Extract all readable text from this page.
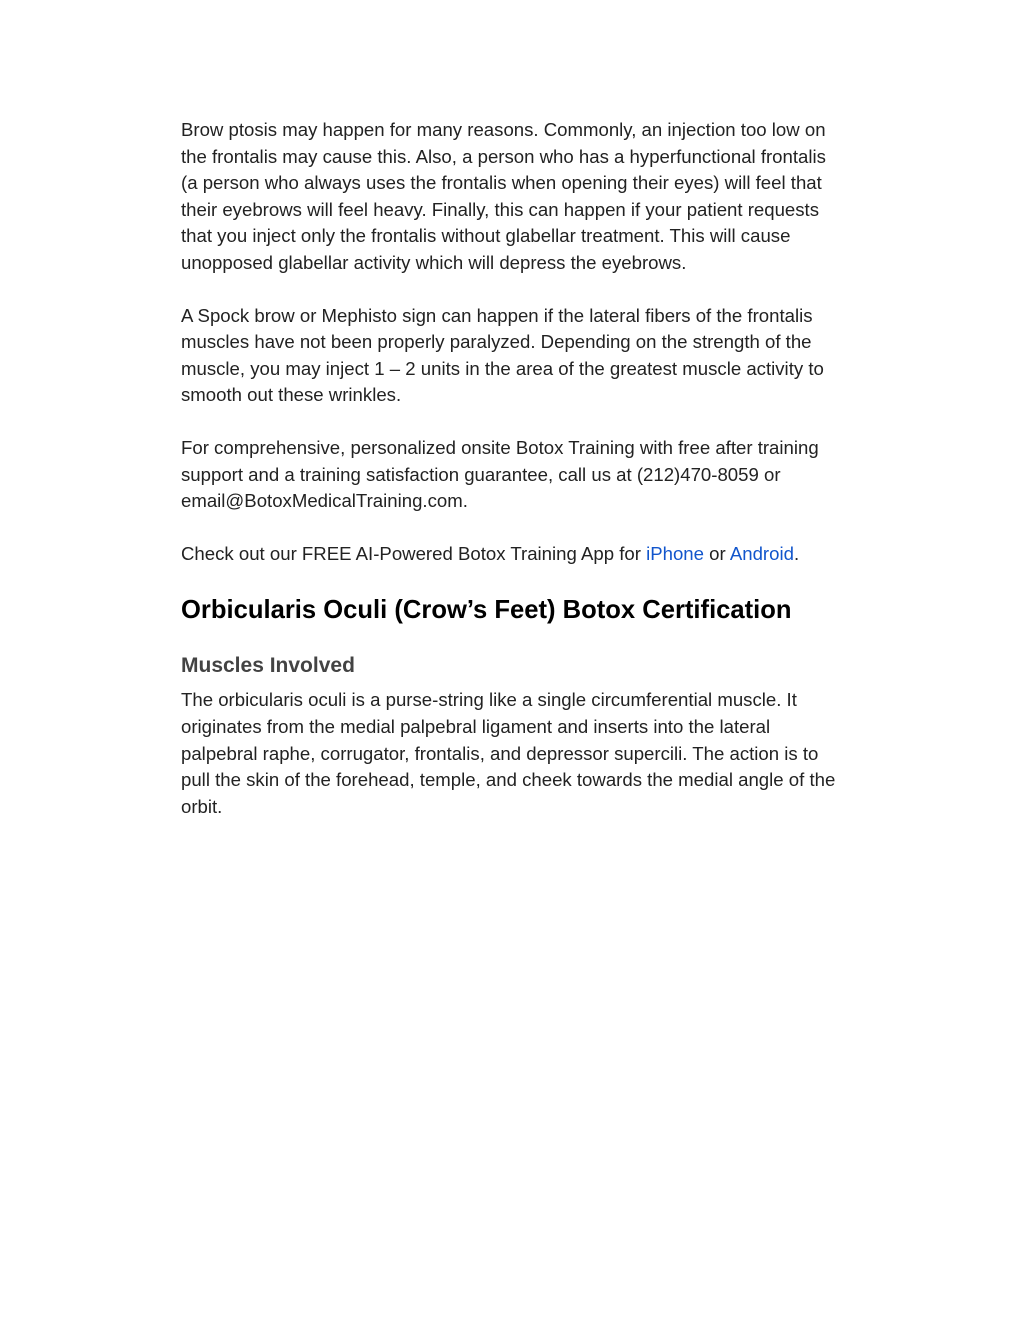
Brow ptosis may happen for many reasons. Commonly, an injection too low on
the frontalis may cause this. Also, a person who has a hyperfunctional frontalis
(a person who always uses the frontalis when opening their eyes) will feel that
their eyebrows will feel heavy. Finally, this can happen if your patient requests
that you inject only the frontalis without glabellar treatment. This will cause
unopposed glabellar activity which will depress the eyebrows.

A Spock brow or Mephisto sign can happen if the lateral fibers of the frontalis
muscles have not been properly paralyzed. Depending on the strength of the
muscle, you may inject 1 – 2 units in the area of the greatest muscle activity to
smooth out these wrinkles.

For comprehensive, personalized onsite Botox Training with free after training
support and a training satisfaction guarantee, call us at (212)470-8059 or
email@BotoxMedicalTraining.com.

Check out our FREE AI-Powered Botox Training App for iPhone or Android.

Orbicularis Oculi (Crow’s Feet) Botox Certification
Muscles Involved

The orbicularis oculi is a purse-string like a single circumferential muscle. It
originates from the medial palpebral ligament and inserts into the lateral
palpebral raphe, corrugator, frontalis, and depressor supercili. The action is to
pull the skin of the forehead, temple, and cheek towards the medial angle of the
orbit.
